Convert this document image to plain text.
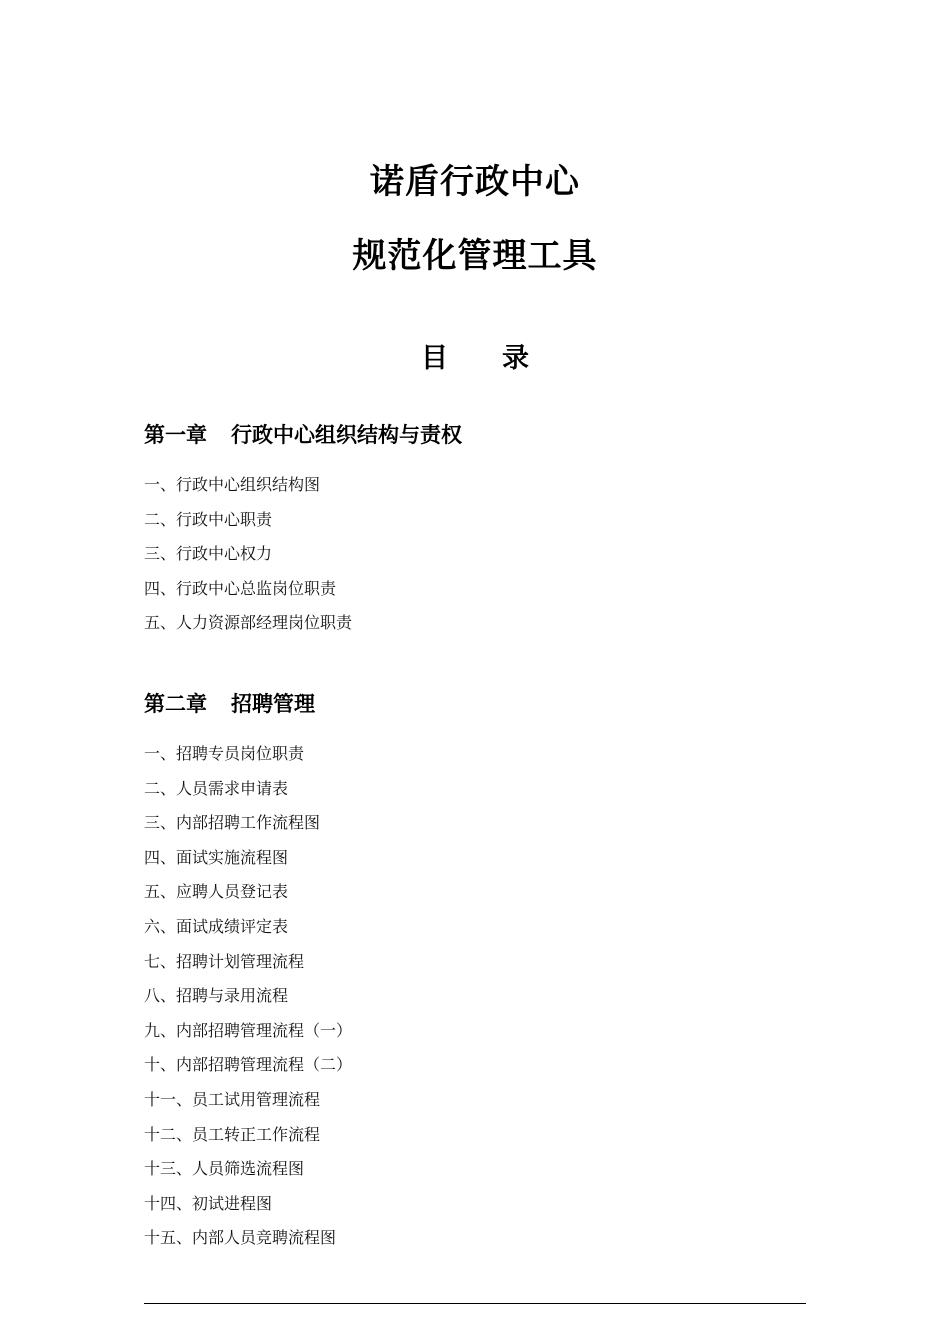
诺盾行政中心

规范化管理工具

目 录

第一章 行政中心组织结构与责权

一、行政中心组织结构图
二、行政中心职责
三、行政中心权力
四、行政中心总监岗位职责
五、人力资源部经理岗位职责

第二章 招聘管理

一、招聘专员岗位职责
二、人员需求申请表
三、内部招聘工作流程图
四、面试实施流程图
五、应聘人员登记表
六、面试成绩评定表
七、招聘计划管理流程
八、招聘与录用流程
九、内部招聘管理流程（一）
十、内部招聘管理流程（二）
十一、员工试用管理流程
十二、员工转正工作流程
十三、人员筛选流程图
十四、初试进程图
十五、内部人员竞聘流程图
